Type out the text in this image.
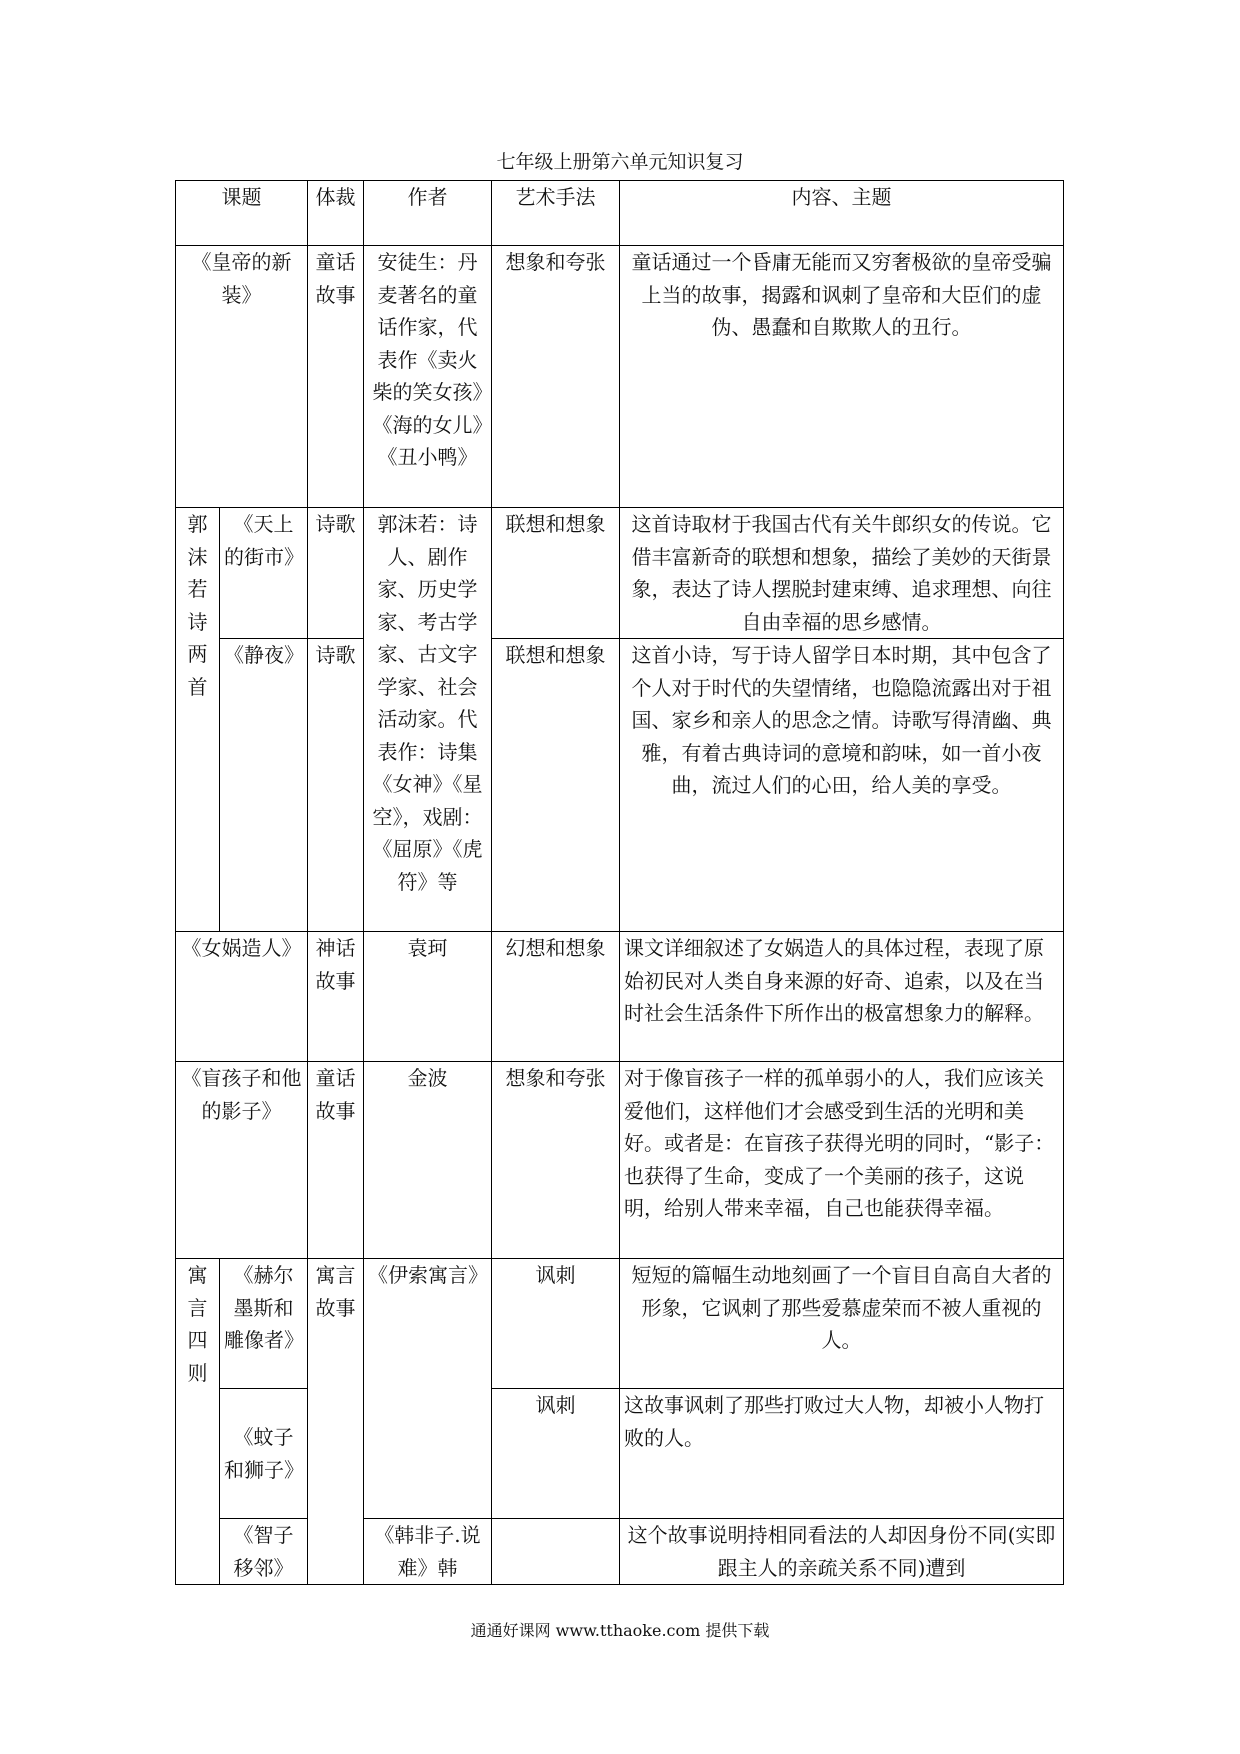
七年级上册第六单元知识复习
课题		体裁	作者	艺术手法	内容、主题
《皇帝的新装》		童话故事	安徒生：丹麦著名的童话作家，代表作《卖火柴的笑女孩》《海的女儿》《丑小鸭》	想象和夸张	童话通过一个昏庸无能而又穷奢极欲的皇帝受骗上当的故事，揭露和讽刺了皇帝和大臣们的虚伪、愚蠢和自欺欺人的丑行。
郭沫若诗两首	《天上的街市》	诗歌	郭沫若：诗人、剧作家、历史学家、考古学家、古文字学家、社会活动家。代表作：诗集《女神》《星空》，戏剧：《屈原》《虎符》等	联想和想象	这首诗取材于我国古代有关牛郎织女的传说。它借丰富新奇的联想和想象，描绘了美妙的天街景象，表达了诗人摆脱封建束缚、追求理想、向往自由幸福的思乡感情。
	《静夜》	诗歌		联想和想象	这首小诗，写于诗人留学日本时期，其中包含了个人对于时代的失望情绪，也隐隐流露出对于祖国、家乡和亲人的思念之情。诗歌写得清幽、典雅，有着古典诗词的意境和韵味，如一首小夜曲，流过人们的心田，给人美的享受。
《女娲造人》		神话故事	袁珂	幻想和想象	课文详细叙述了女娲造人的具体过程，表现了原始初民对人类自身来源的好奇、追索，以及在当时社会生活条件下所作出的极富想象力的解释。
《盲孩子和他的影子》		童话故事	金波	想象和夸张	对于像盲孩子一样的孤单弱小的人，我们应该关爱他们，这样他们才会感受到生活的光明和美好。或者是：在盲孩子获得光明的同时，“影子：也获得了生命，变成了一个美丽的孩子，这说明，给别人带来幸福，自己也能获得幸福。
寓言四则	《赫尔墨斯和雕像者》	寓言故事	《伊索寓言》	讽刺	短短的篇幅生动地刻画了一个盲目自高自大者的形象，它讽刺了那些爱慕虚荣而不被人重视的人。
	《蚊子和狮子》			讽刺	这故事讽刺了那些打败过大人物，却被小人物打败的人。
	《智子移邻》		《韩非子.说难》韩		这个故事说明持相同看法的人却因身份不同(实即跟主人的亲疏关系不同)遭到
通通好课网 www.tthaoke.com 提供下载
